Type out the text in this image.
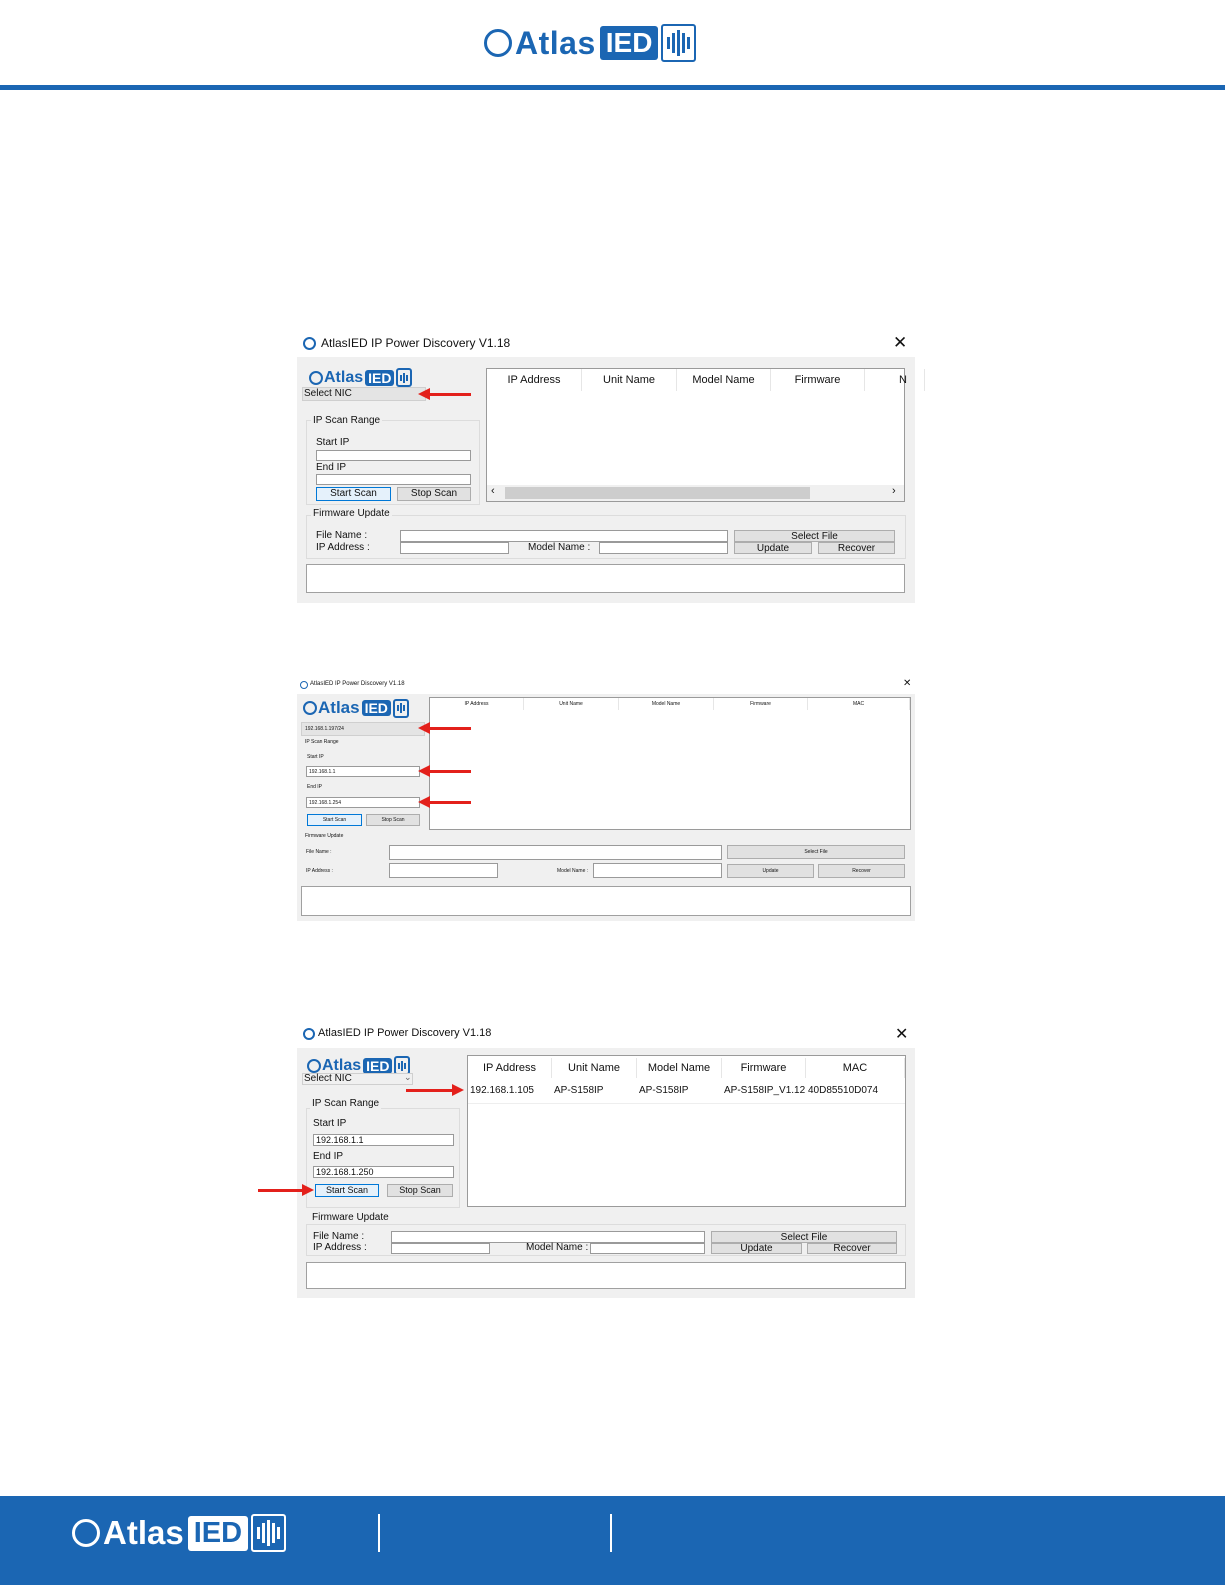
Atlas IED
AtlasIED IP Power Discovery V1.18	✕
Atlas IED
Select NIC
IP Scan Range
Start IP
End IP
Start Scan	Stop Scan
IP Address	Unit Name	Model Name	Firmware	N
‹	›
Firmware Update
File Name :	Select File
IP Address :	Model Name :	Update	Recover
AtlasIED IP Power Discovery V1.18	✕
Atlas IED
192.168.1.197/24
IP Scan Range
Start IP
192.168.1.1
End IP
192.168.1.254
Start Scan	Stop Scan
IP Address	Unit Name	Model Name	Firmware	MAC
Firmware Update
File Name :	Select File
IP Address :	Model Name :	Update	Recover
AtlasIED IP Power Discovery V1.18	✕
Atlas IED
Select NIC	⌄
IP Scan Range
Start IP
192.168.1.1
End IP
192.168.1.250
Start Scan	Stop Scan
IP Address	Unit Name	Model Name	Firmware	MAC
192.168.1.105 AP-S158IP	AP-S158IP	AP-S158IP_V1.12 40D85510D074
Firmware Update
File Name :	Select File
IP Address :	Model Name :	Update	Recover
Atlas IED
